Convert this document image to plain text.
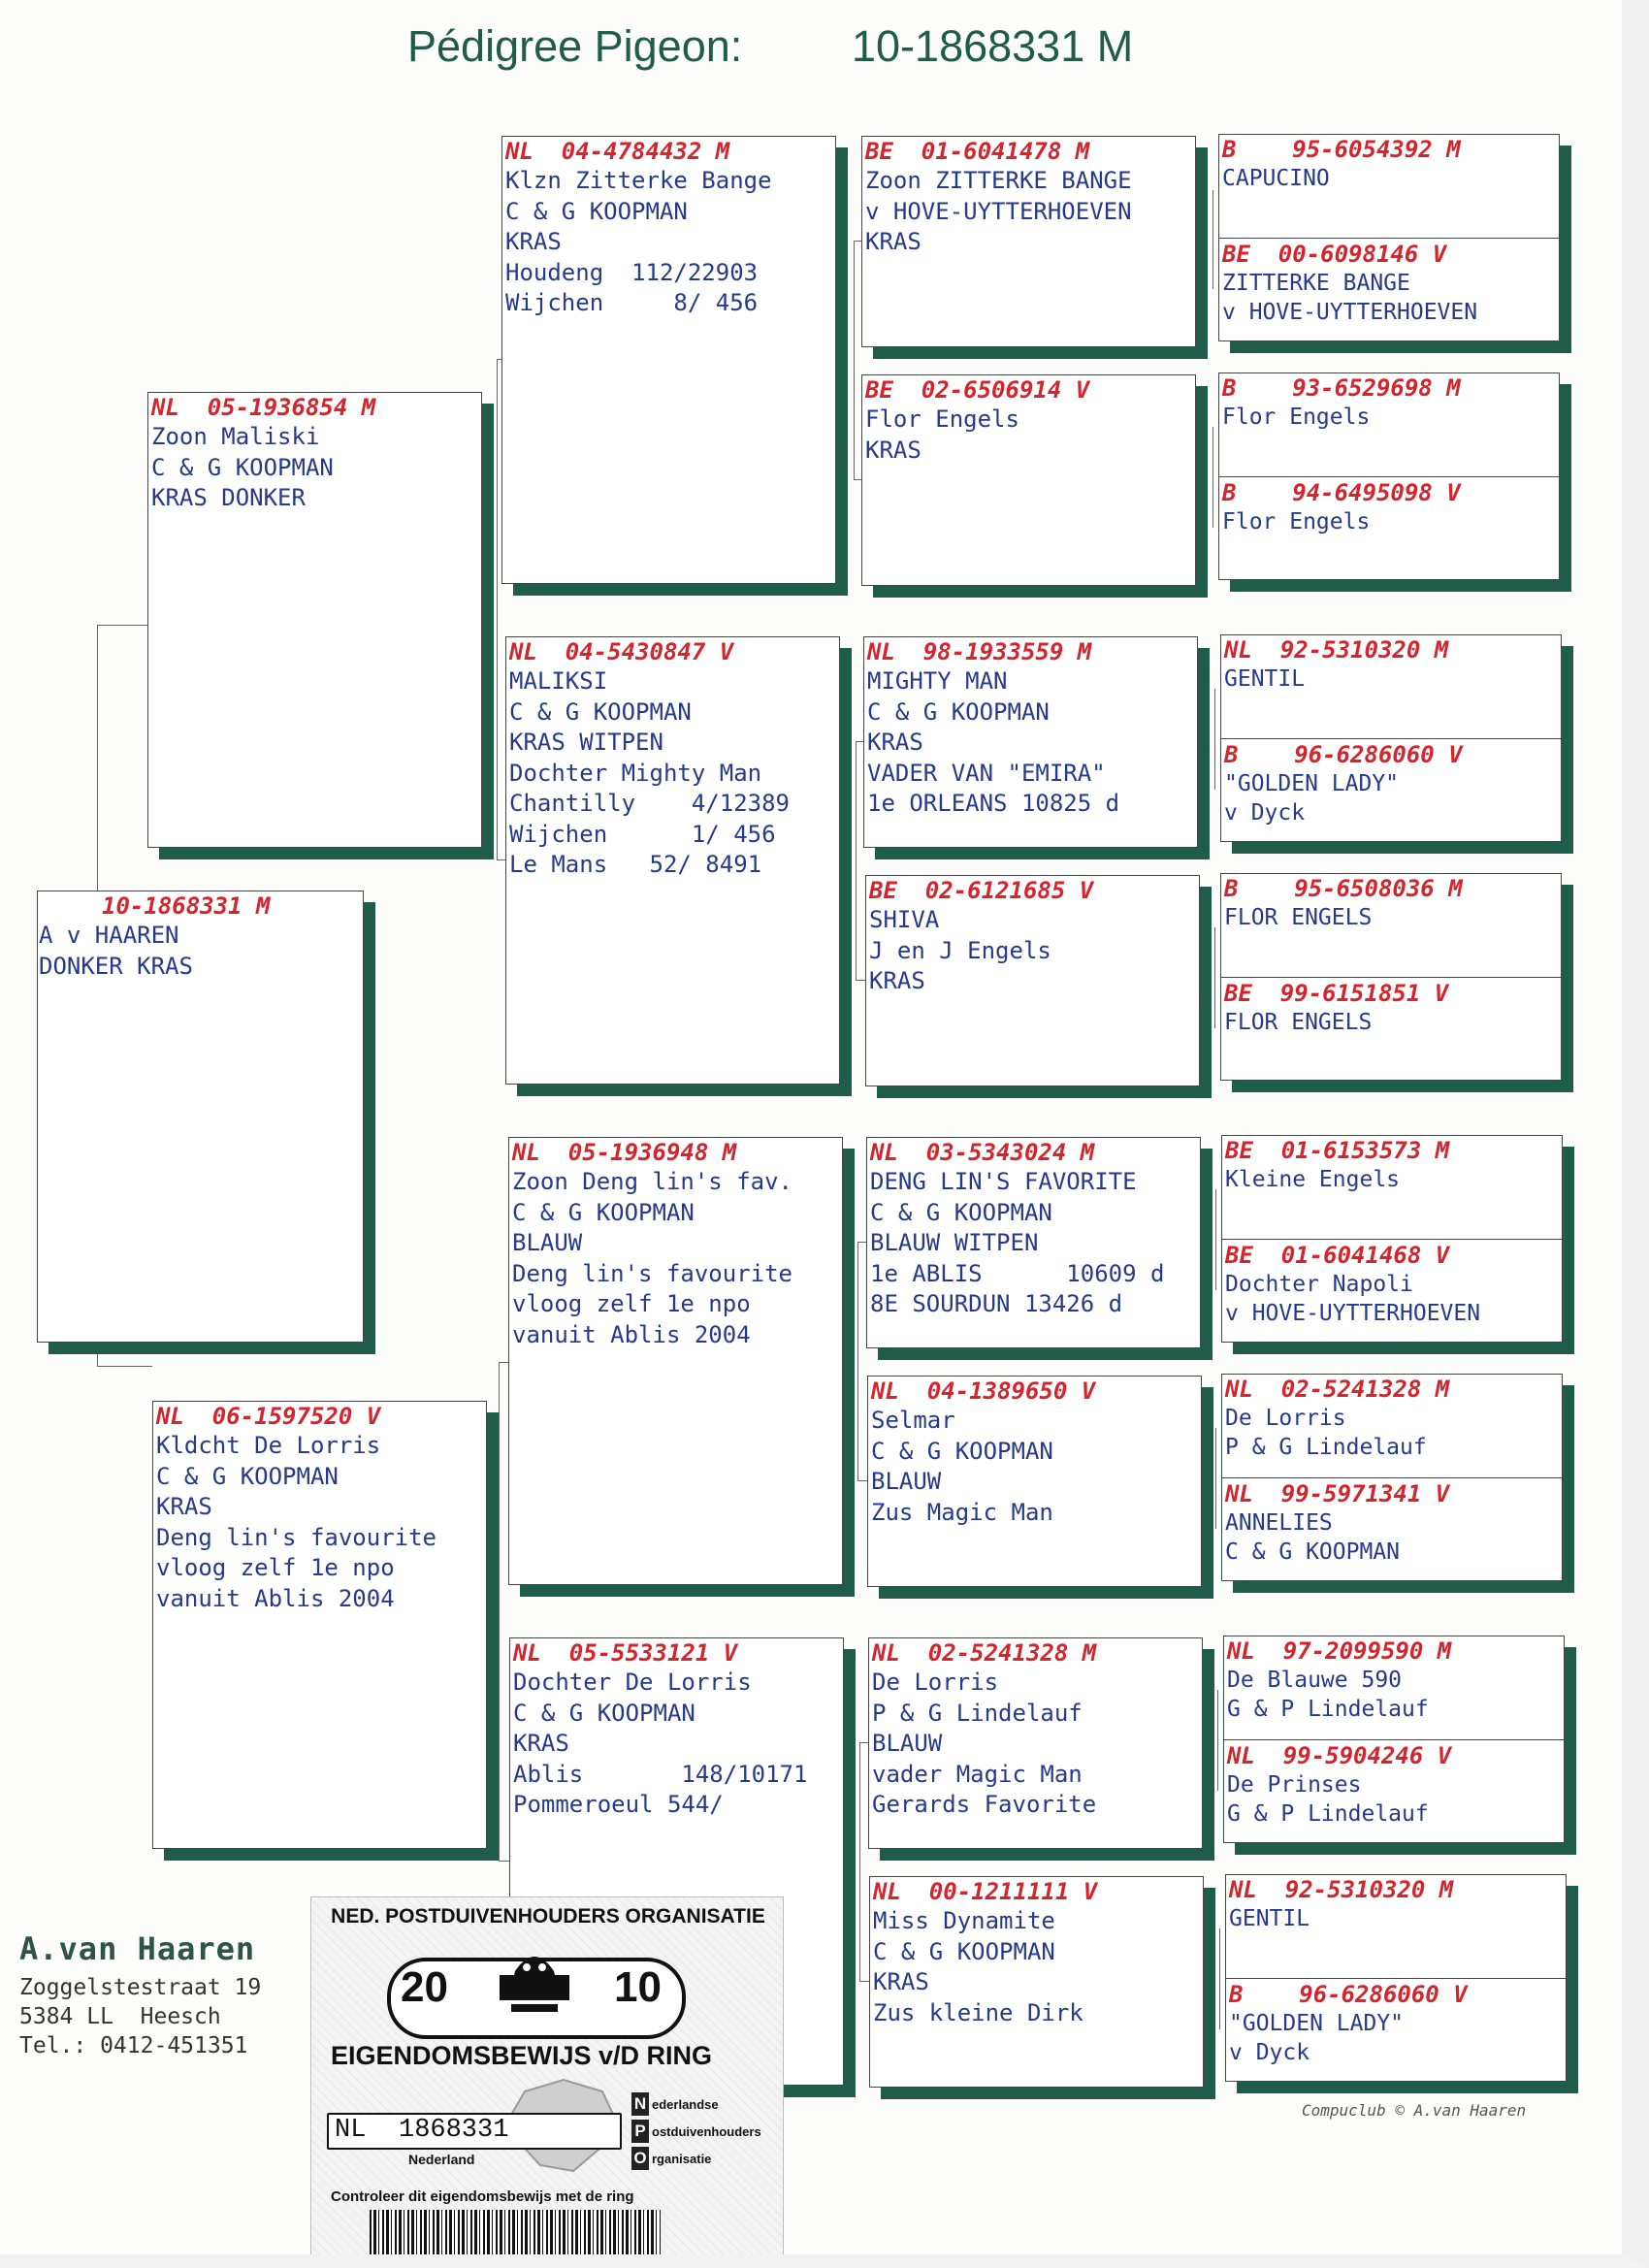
Pédigree Pigeon:	10-1868331 M
10-1868331 M
A v HAAREN
DONKER KRAS
NL  05-1936854 M
Zoon Maliski
C & G KOOPMAN
KRAS DONKER
NL  06-1597520 V
Kldcht De Lorris
C & G KOOPMAN
KRAS
Deng lin's favourite
vloog zelf 1e npo
vanuit Ablis 2004
NL  04-4784432 M
Klzn Zitterke Bange
C & G KOOPMAN
KRAS
Houdeng  112/22903
Wijchen     8/ 456
NL  04-5430847 V
MALIKSI
C & G KOOPMAN
KRAS WITPEN
Dochter Mighty Man
Chantilly    4/12389
Wijchen      1/ 456
Le Mans   52/ 8491
NL  05-1936948 M
Zoon Deng lin's fav.
C & G KOOPMAN
BLAUW
Deng lin's favourite
vloog zelf 1e npo
vanuit Ablis 2004
NL  05-5533121 V
Dochter De Lorris
C & G KOOPMAN
KRAS
Ablis       148/10171
Pommeroeul 544/
BE  01-6041478 M
Zoon ZITTERKE BANGE
v HOVE-UYTTERHOEVEN
KRAS
BE  02-6506914 V
Flor Engels
KRAS
NL  98-1933559 M
MIGHTY MAN
C & G KOOPMAN
KRAS
VADER VAN "EMIRA"
1e ORLEANS 10825 d
BE  02-6121685 V
SHIVA
J en J Engels
KRAS
NL  03-5343024 M
DENG LIN'S FAVORITE
C & G KOOPMAN
BLAUW WITPEN
1e ABLIS      10609 d
8E SOURDUN 13426 d
NL  04-1389650 V
Selmar
C & G KOOPMAN
BLAUW
Zus Magic Man
NL  02-5241328 M
De Lorris
P & G Lindelauf
BLAUW
vader Magic Man
Gerards Favorite
NL  00-1211111 V
Miss Dynamite
C & G KOOPMAN
KRAS
Zus kleine Dirk
B    95-6054392 M
CAPUCINO
BE  00-6098146 V
ZITTERKE BANGE
v HOVE-UYTTERHOEVEN
B    93-6529698 M
Flor Engels
B    94-6495098 V
Flor Engels
NL  92-5310320 M
GENTIL
B    96-6286060 V
"GOLDEN LADY"
v Dyck
B    95-6508036 M
FLOR ENGELS
BE  99-6151851 V
FLOR ENGELS
BE  01-6153573 M
Kleine Engels
BE  01-6041468 V
Dochter Napoli
v HOVE-UYTTERHOEVEN
NL  02-5241328 M
De Lorris
P & G Lindelauf
NL  99-5971341 V
ANNELIES
C & G KOOPMAN
NL  97-2099590 M
De Blauwe 590
G & P Lindelauf
NL  99-5904246 V
De Prinses
G & P Lindelauf
NL  92-5310320 M
GENTIL
B    96-6286060 V
"GOLDEN LADY"
v Dyck
A.van Haaren
Zoggelstestraat 19
5384 LL  Heesch
Tel.: 0412-451351
Compuclub © A.van Haaren
NED. POSTDUIVENHOUDERS ORGANISATIE
20	10
EIGENDOMSBEWIJS v/D RING
N ederlandse
P ostduivenhouders
O rganisatie
NL 1868331
Nederland
Controleer dit eigendomsbewijs met de ring
